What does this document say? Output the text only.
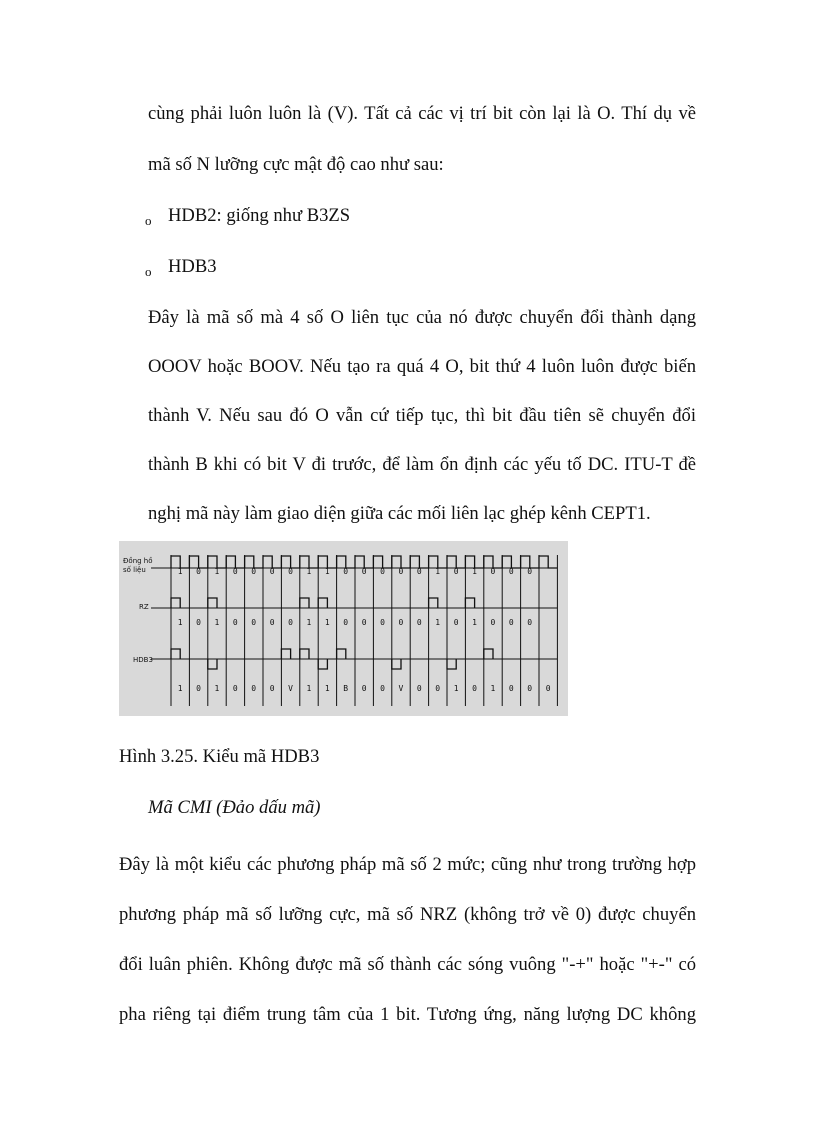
cùng phải luôn luôn là (V). Tất cả các vị trí bit còn lại là O. Thí dụ về
mã số N lưỡng cực mật độ cao như sau:
o HDB2: giống như B3ZS
o HDB3
Đây là mã số mà 4 số O liên tục của nó được chuyển đổi thành dạng
OOOV hoặc BOOV. Nếu tạo ra quá 4 O, bit thứ 4 luôn luôn được biến
thành V. Nếu sau đó O vẫn cứ tiếp tục, thì bit đầu tiên sẽ chuyển đổi
thành B khi có bit V đi trước, để làm ổn định các yếu tố DC. ITU-T đề
nghị mã này làm giao diện giữa các mối liên lạc ghép kênh CEPT1.
Đồng hồ
số liệu
RZ
HDB3
1 0 1 0 0 0 0 1 1 0 0 0 0 0 1 0 1 0 0 0
1 0 1 0 0 0 0 1 1 0 0 0 0 0 1 0 1 0 0 0
1 0 1 0 0 0 V 1 1 B 0 0 V 0 0 1 0 1 0 0 0
Hình 3.25. Kiểu mã HDB3
Mã CMI (Đảo dấu mã)
Đây là một kiểu các phương pháp mã số 2 mức; cũng như trong trường hợp
phương pháp mã số lưỡng cực, mã số NRZ (không trở về 0) được chuyển
đổi luân phiên. Không được mã số thành các sóng vuông "-+" hoặc "+-" có
pha riêng tại điểm trung tâm của 1 bit. Tương ứng, năng lượng DC không
